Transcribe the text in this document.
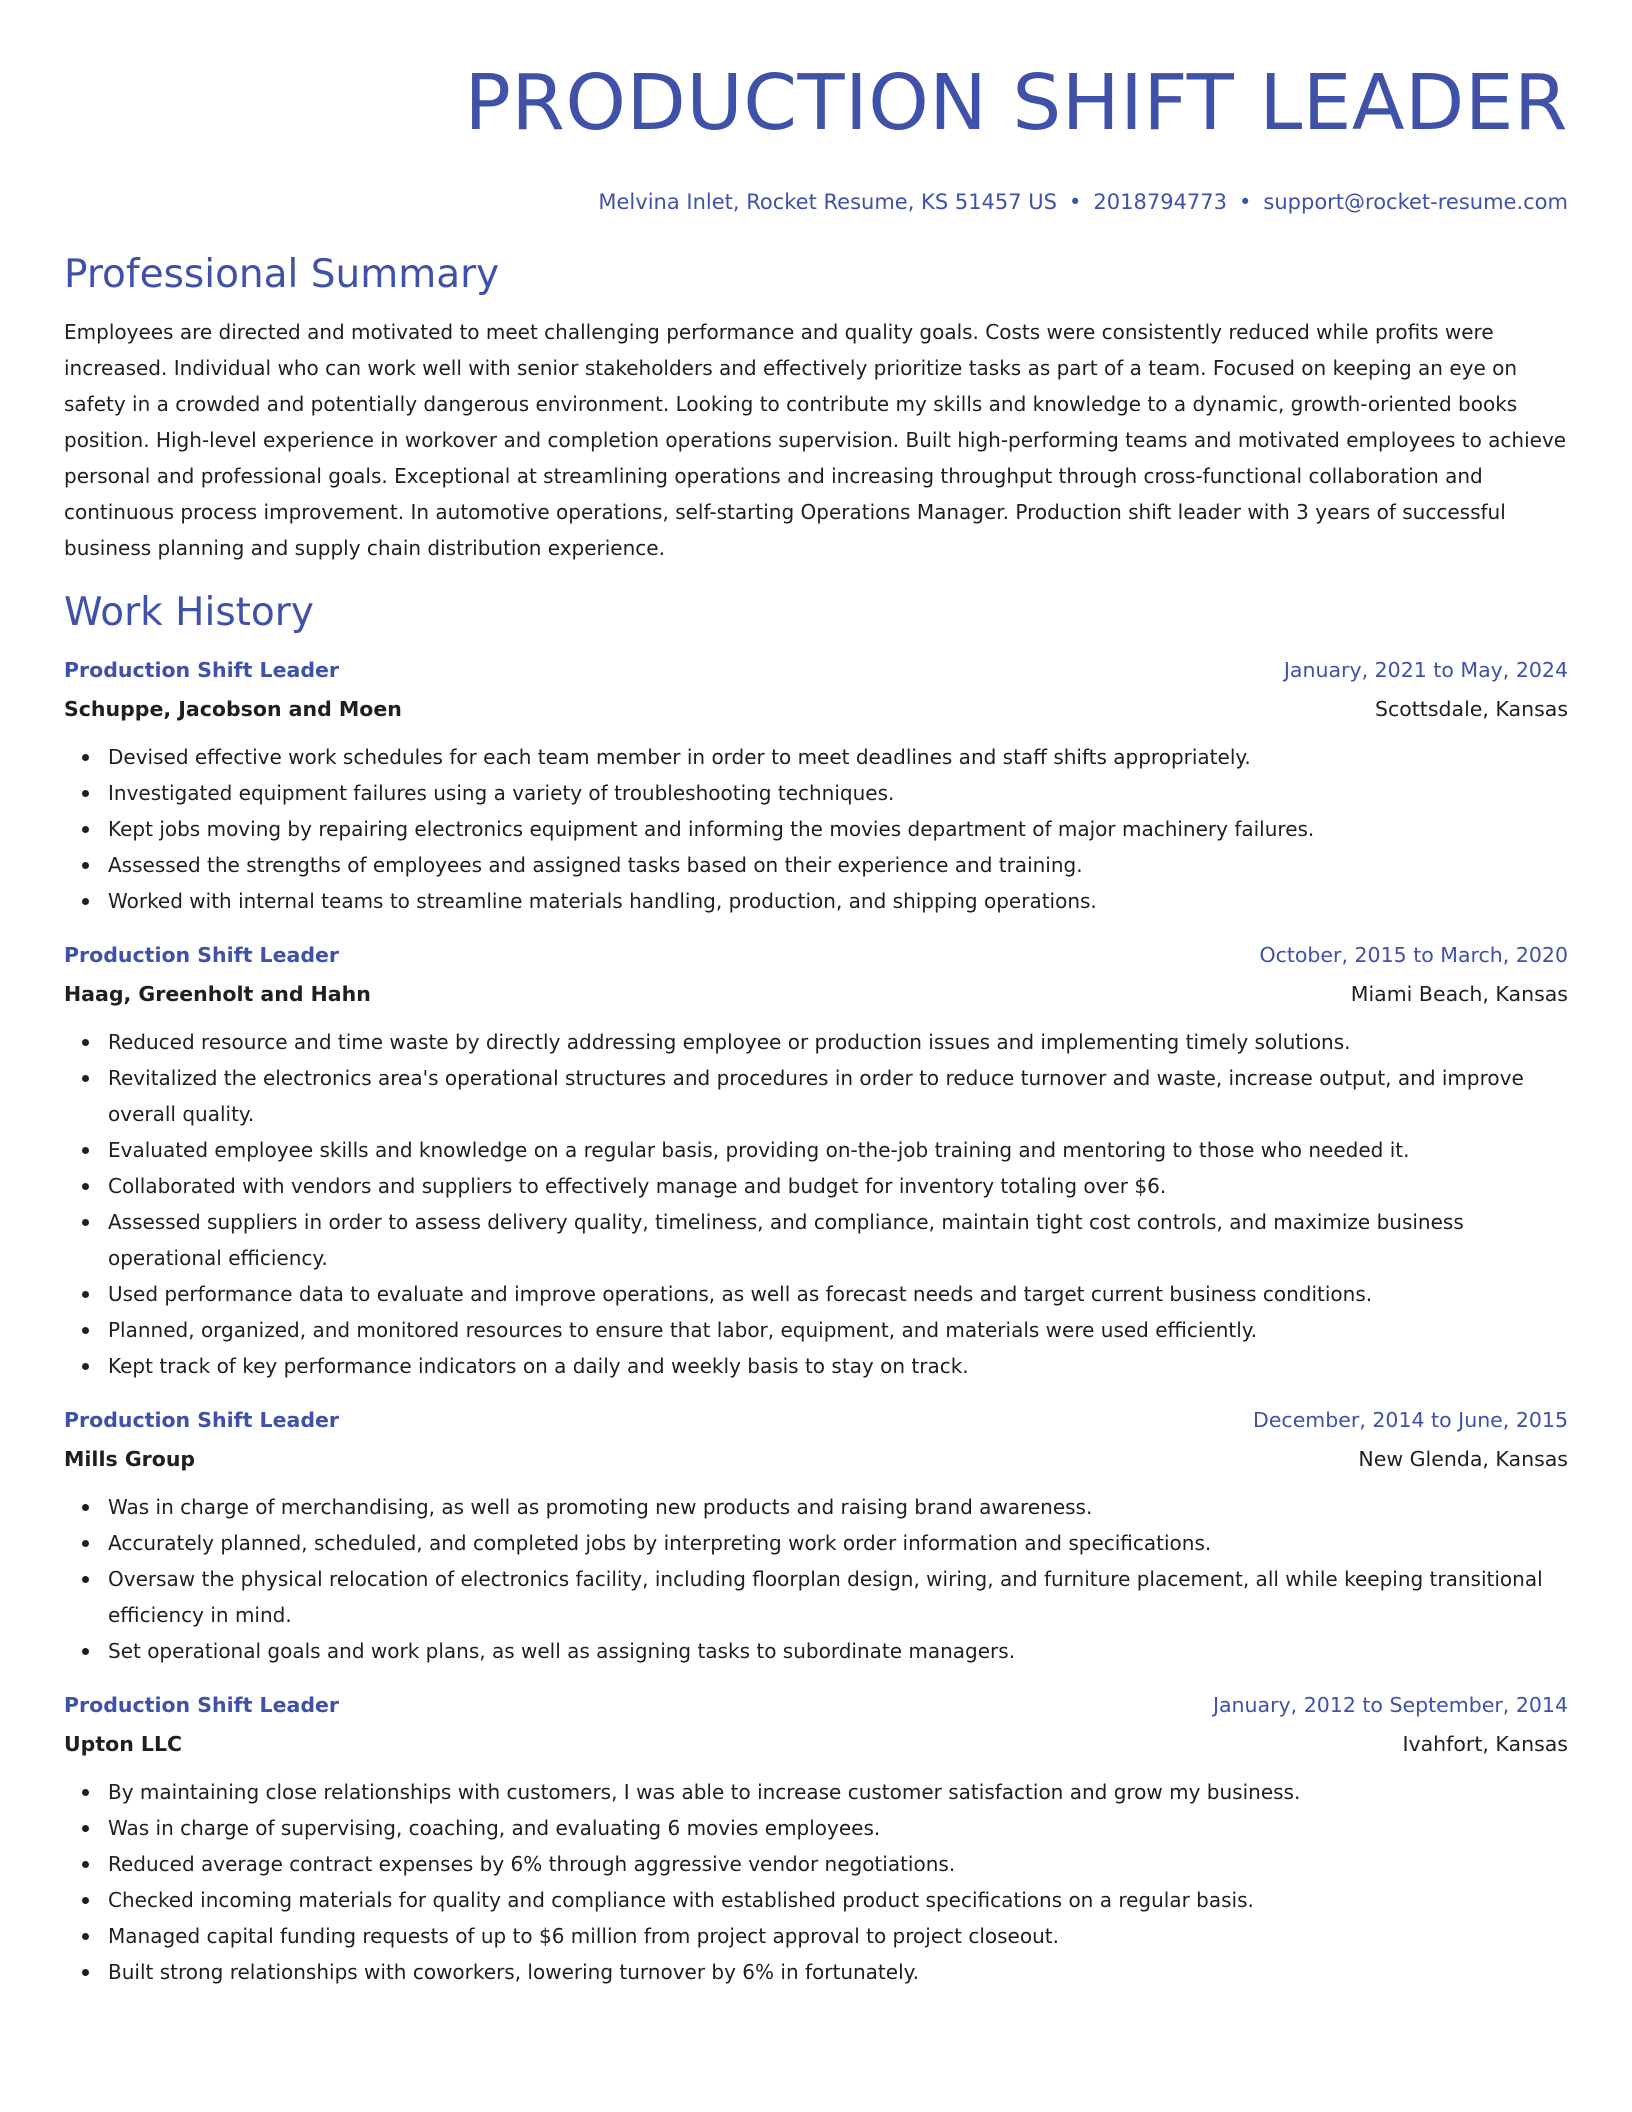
PRODUCTION SHIFT LEADER
Melvina Inlet, Rocket Resume, KS 51457 US • 2018794773 • support@rocket-resume.com
Professional Summary

Employees are directed and motivated to meet challenging performance and quality goals. Costs were consistently reduced while profits were increased. Individual who can work well with senior stakeholders and effectively prioritize tasks as part of a team. Focused on keeping an eye on safety in a crowded and potentially dangerous environment. Looking to contribute my skills and knowledge to a dynamic, growth-oriented books position. High-level experience in workover and completion operations supervision. Built high-performing teams and motivated employees to achieve personal and professional goals. Exceptional at streamlining operations and increasing throughput through cross-functional collaboration and continuous process improvement. In automotive operations, self-starting Operations Manager. Production shift leader with 3 years of successful business planning and supply chain distribution experience.

Work History
Production Shift Leader	January, 2021 to May, 2024
Schuppe, Jacobson and Moen	Scottsdale, Kansas
Devised effective work schedules for each team member in order to meet deadlines and staff shifts appropriately.
Investigated equipment failures using a variety of troubleshooting techniques.
Kept jobs moving by repairing electronics equipment and informing the movies department of major machinery failures.
Assessed the strengths of employees and assigned tasks based on their experience and training.
Worked with internal teams to streamline materials handling, production, and shipping operations.
Production Shift Leader	October, 2015 to March, 2020
Haag, Greenholt and Hahn	Miami Beach, Kansas
Reduced resource and time waste by directly addressing employee or production issues and implementing timely solutions.
Revitalized the electronics area's operational structures and procedures in order to reduce turnover and waste, increase output, and improve overall quality.
Evaluated employee skills and knowledge on a regular basis, providing on-the-job training and mentoring to those who needed it.
Collaborated with vendors and suppliers to effectively manage and budget for inventory totaling over $6.
Assessed suppliers in order to assess delivery quality, timeliness, and compliance, maintain tight cost controls, and maximize business operational efficiency.
Used performance data to evaluate and improve operations, as well as forecast needs and target current business conditions.
Planned, organized, and monitored resources to ensure that labor, equipment, and materials were used efficiently.
Kept track of key performance indicators on a daily and weekly basis to stay on track.
Production Shift Leader	December, 2014 to June, 2015
Mills Group	New Glenda, Kansas
Was in charge of merchandising, as well as promoting new products and raising brand awareness.
Accurately planned, scheduled, and completed jobs by interpreting work order information and specifications.
Oversaw the physical relocation of electronics facility, including floorplan design, wiring, and furniture placement, all while keeping transitional efficiency in mind.
Set operational goals and work plans, as well as assigning tasks to subordinate managers.
Production Shift Leader	January, 2012 to September, 2014
Upton LLC	Ivahfort, Kansas
By maintaining close relationships with customers, I was able to increase customer satisfaction and grow my business.
Was in charge of supervising, coaching, and evaluating 6 movies employees.
Reduced average contract expenses by 6% through aggressive vendor negotiations.
Checked incoming materials for quality and compliance with established product specifications on a regular basis.
Managed capital funding requests of up to $6 million from project approval to project closeout.
Built strong relationships with coworkers, lowering turnover by 6% in fortunately.
